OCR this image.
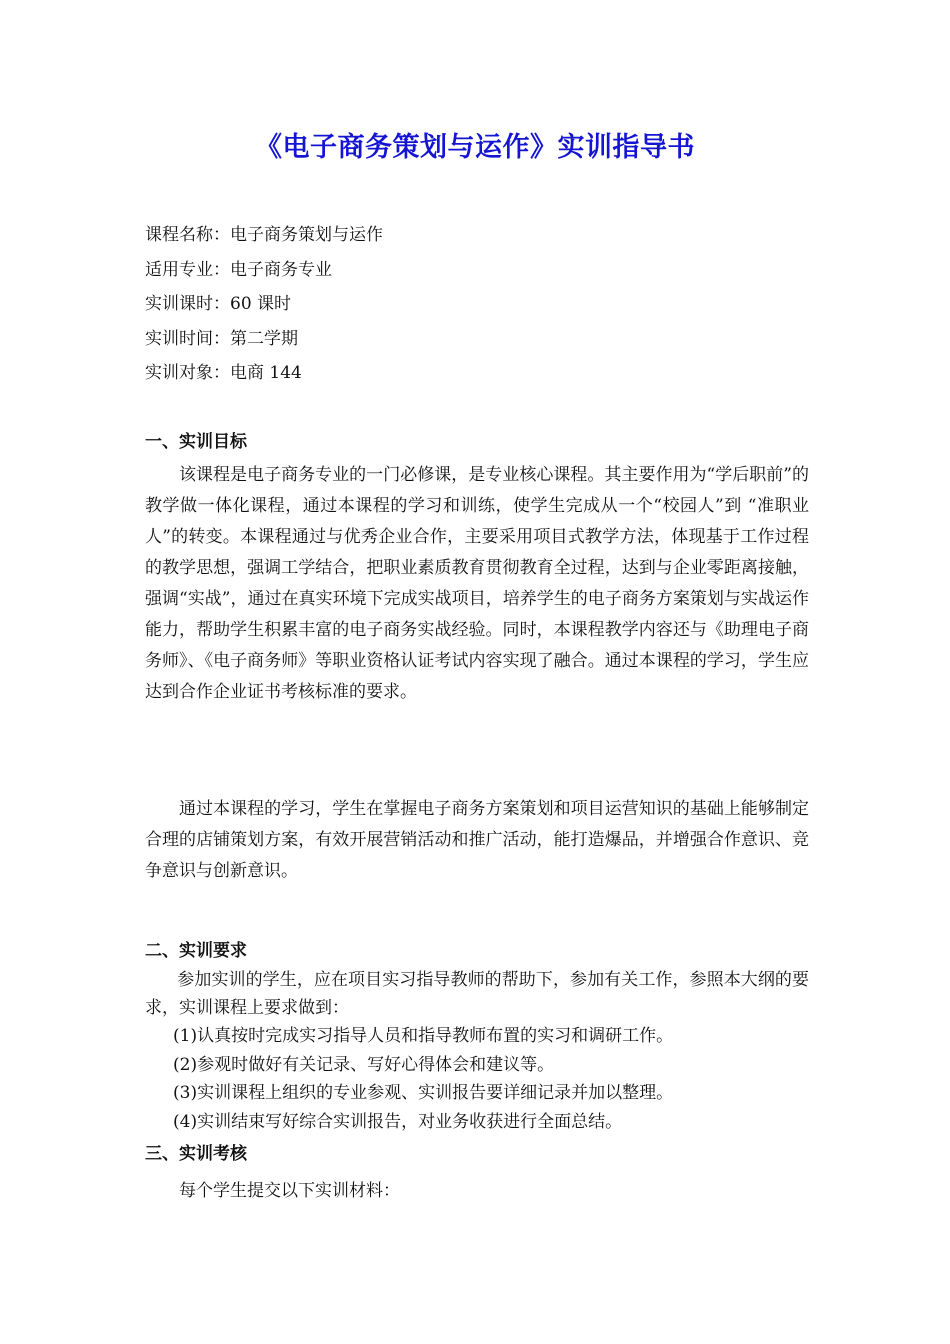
《电子商务策划与运作》实训指导书
课程名称：电子商务策划与运作
适用专业：电子商务专业
实训课时：60 课时
实训时间：第二学期
实训对象：电商 144
一、实训目标
该课程是电子商务专业的一门必修课，是专业核心课程。其主要作用为“学后职前”的教学做一体化课程，通过本课程的学习和训练，使学生完成从一个“校园人”到 “准职业人”的转变。本课程通过与优秀企业合作，主要采用项目式教学方法，体现基于工作过程的教学思想，强调工学结合，把职业素质教育贯彻教育全过程，达到与企业零距离接触，强调“实战”，通过在真实环境下完成实战项目，培养学生的电子商务方案策划与实战运作能力，帮助学生积累丰富的电子商务实战经验。同时，本课程教学内容还与《助理电子商务师》、《电子商务师》等职业资格认证考试内容实现了融合。通过本课程的学习，学生应达到合作企业证书考核标准的要求。
通过本课程的学习，学生在掌握电子商务方案策划和项目运营知识的基础上能够制定合理的店铺策划方案，有效开展营销活动和推广活动，能打造爆品，并增强合作意识、竞争意识与创新意识。
二、实训要求
参加实训的学生，应在项目实习指导教师的帮助下，参加有关工作，参照本大纲的要求，实训课程上要求做到：
(1)认真按时完成实习指导人员和指导教师布置的实习和调研工作。
(2)参观时做好有关记录、写好心得体会和建议等。
(3)实训课程上组织的专业参观、实训报告要详细记录并加以整理。
(4)实训结束写好综合实训报告，对业务收获进行全面总结。
三、实训考核
每个学生提交以下实训材料：
